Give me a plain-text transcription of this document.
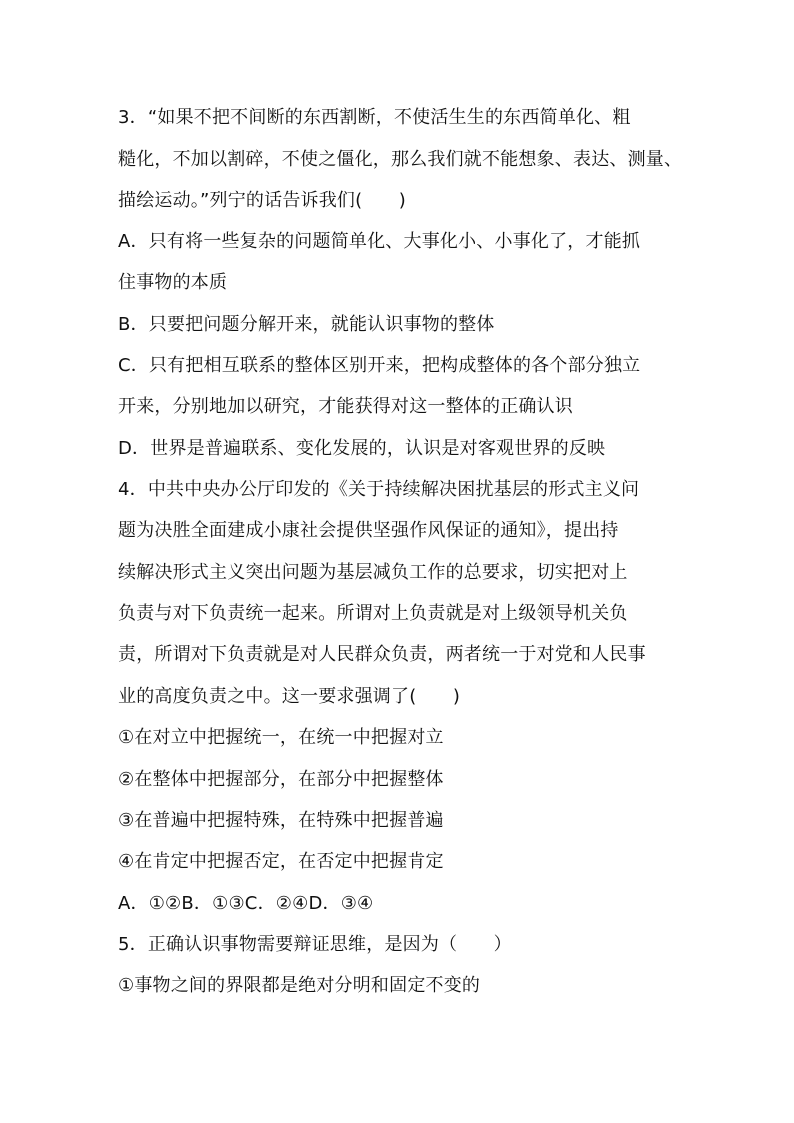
3．“如果不把不间断的东西割断，不使活生生的东西简单化、粗
糙化，不加以割碎，不使之僵化，那么我们就不能想象、表达、测量、
描绘运动。”列宁的话告诉我们(　　)
A．只有将一些复杂的问题简单化、大事化小、小事化了，才能抓
住事物的本质
B．只要把问题分解开来，就能认识事物的整体
C．只有把相互联系的整体区别开来，把构成整体的各个部分独立
开来，分别地加以研究，才能获得对这一整体的正确认识
D．世界是普遍联系、变化发展的，认识是对客观世界的反映
4．中共中央办公厅印发的《关于持续解决困扰基层的形式主义问
题为决胜全面建成小康社会提供坚强作风保证的通知》，提出持
续解决形式主义突出问题为基层减负工作的总要求，切实把对上
负责与对下负责统一起来。所谓对上负责就是对上级领导机关负
责，所谓对下负责就是对人民群众负责，两者统一于对党和人民事
业的高度负责之中。这一要求强调了(　　)
①在对立中把握统一，在统一中把握对立
②在整体中把握部分，在部分中把握整体
③在普遍中把握特殊，在特殊中把握普遍
④在肯定中把握否定，在否定中把握肯定
A．①②B．①③C．②④D．③④
5．正确认识事物需要辩证思维，是因为（　　）
①事物之间的界限都是绝对分明和固定不变的
